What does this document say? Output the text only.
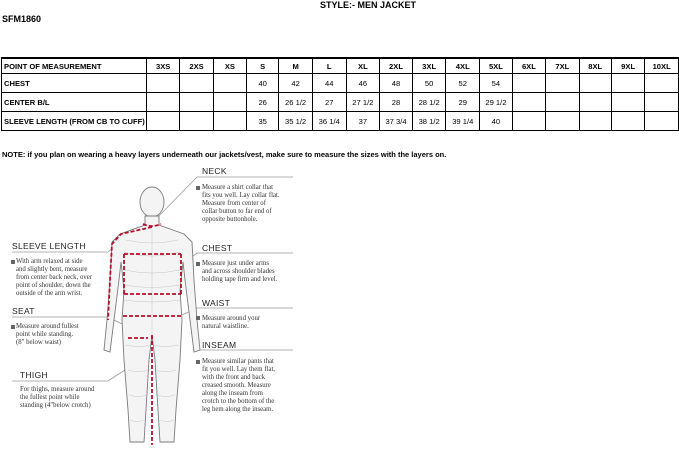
STYLE:- MEN JACKET
SFM1860
POINT OF MEASUREMENT	3XS	2XS	XS	S	M	L	XL	2XL	3XL	4XL	5XL	6XL	7XL	8XL	9XL	10XL
CHEST				40	42	44	46	48	50	52	54					
CENTER B/L				26	26 1/2	27	27 1/2	28	28 1/2	29	29 1/2					
SLEEVE LENGTH (FROM CB TO CUFF)				35	35 1/2	36 1/4	37	37 3/4	38 1/2	39 1/4	40					
NOTE: if you plan on wearing a heavy layers underneath our jackets/vest, make sure to measure the sizes with the layers on.
NECK
Measure a shirt collar that
fits you well. Lay collar flat.
Measure from center of
collar button to far end of
opposite buttonhole.
CHEST
Measure just under arms
and across shoulder blades
holding tape firm and level.
WAIST
Measure around your
natural waistline.
INSEAM
Measure similar pants that
fit you well. Lay them flat,
with the front and back
creased smooth. Measure
along the inseam from
crotch to the bottom of the
leg hem along the inseam.
SLEEVE LENGTH
With arm relaxed at side
and slightly bent, measure
from center back neck, over
point of shoulder, down the
outside of the arm wrist.
SEAT
Measure around fullest
point while standing.
(8" below waist)
THIGH
For thighs, measure around
the fullest point while
standing (4"below crotch)
